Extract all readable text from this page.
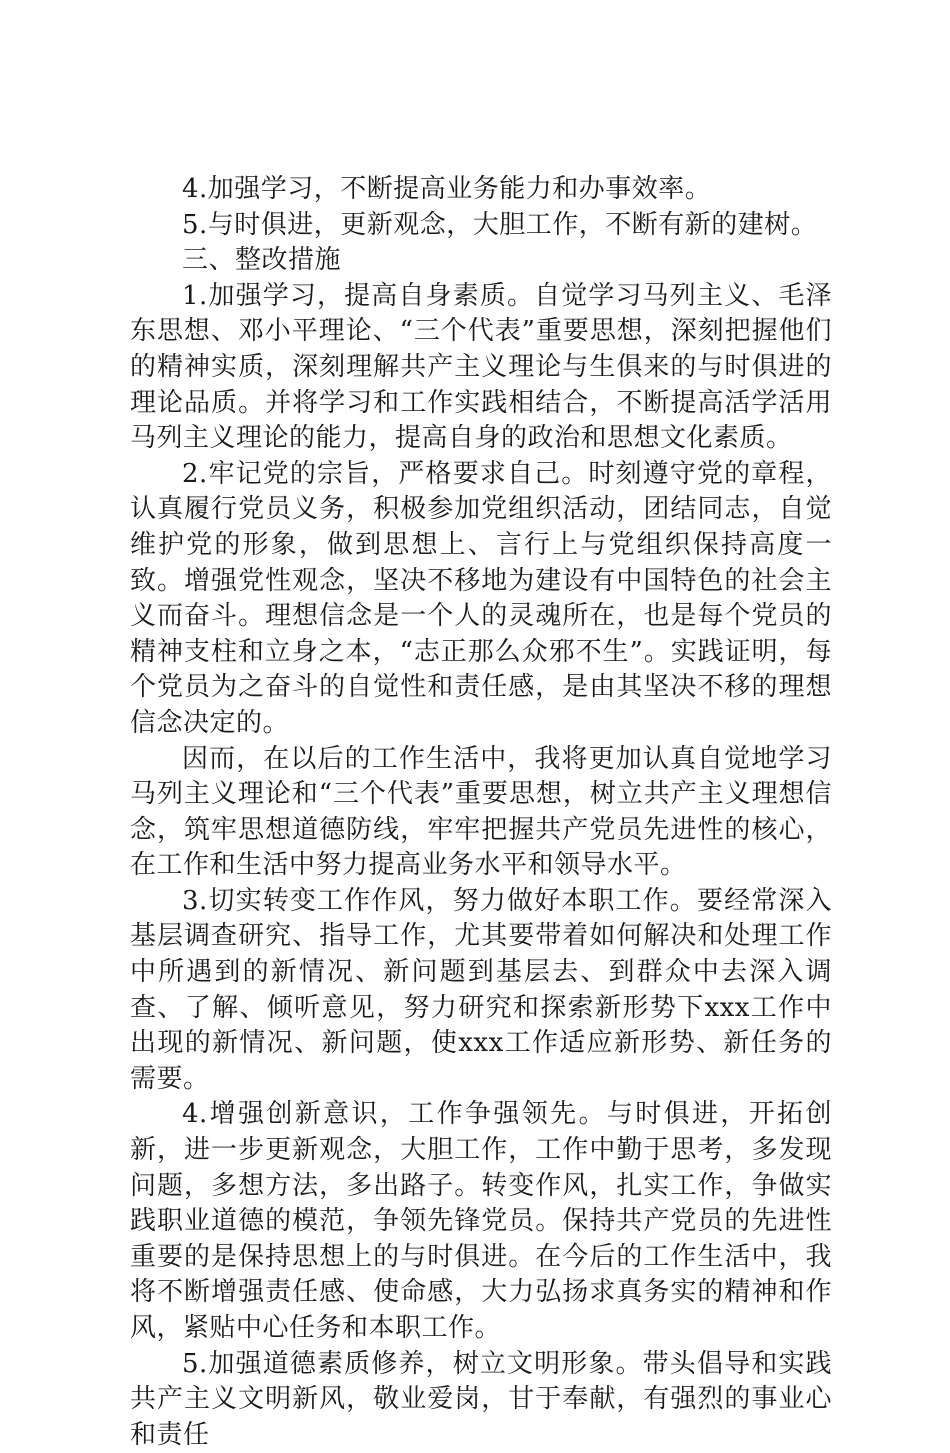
4.加强学习，不断提高业务能力和办事效率。

5.与时俱进，更新观念，大胆工作，不断有新的建树。

三、整改措施

1.加强学习，提高自身素质。自觉学习马列主义、毛泽东思想、邓小平理论、“三个代表”重要思想，深刻把握他们的精神实质，深刻理解共产主义理论与生俱来的与时俱进的理论品质。并将学习和工作实践相结合，不断提高活学活用马列主义理论的能力，提高自身的政治和思想文化素质。

2.牢记党的宗旨，严格要求自己。时刻遵守党的章程，认真履行党员义务，积极参加党组织活动，团结同志，自觉维护党的形象，做到思想上、言行上与党组织保持高度一致。增强党性观念，坚决不移地为建设有中国特色的社会主义而奋斗。理想信念是一个人的灵魂所在，也是每个党员的精神支柱和立身之本，“志正那么众邪不生”。实践证明，每个党员为之奋斗的自觉性和责任感，是由其坚决不移的理想信念决定的。

因而，在以后的工作生活中，我将更加认真自觉地学习马列主义理论和“三个代表”重要思想，树立共产主义理想信念，筑牢思想道德防线，牢牢把握共产党员先进性的核心，在工作和生活中努力提高业务水平和领导水平。

3.切实转变工作作风，努力做好本职工作。要经常深入基层调查研究、指导工作，尤其要带着如何解决和处理工作中所遇到的新情况、新问题到基层去、到群众中去深入调查、了解、倾听意见，努力研究和探索新形势下xxx工作中出现的新情况、新问题，使xxx工作适应新形势、新任务的需要。

4.增强创新意识，工作争强领先。与时俱进，开拓创新，进一步更新观念，大胆工作，工作中勤于思考，多发现问题，多想方法，多出路子。转变作风，扎实工作，争做实践职业道德的模范，争领先锋党员。保持共产党员的先进性重要的是保持思想上的与时俱进。在今后的工作生活中，我将不断增强责任感、使命感，大力弘扬求真务实的精神和作风，紧贴中心任务和本职工作。

5.加强道德素质修养，树立文明形象。带头倡导和实践共产主义文明新风，敬业爱岗，甘于奉献，有强烈的事业心和责任
